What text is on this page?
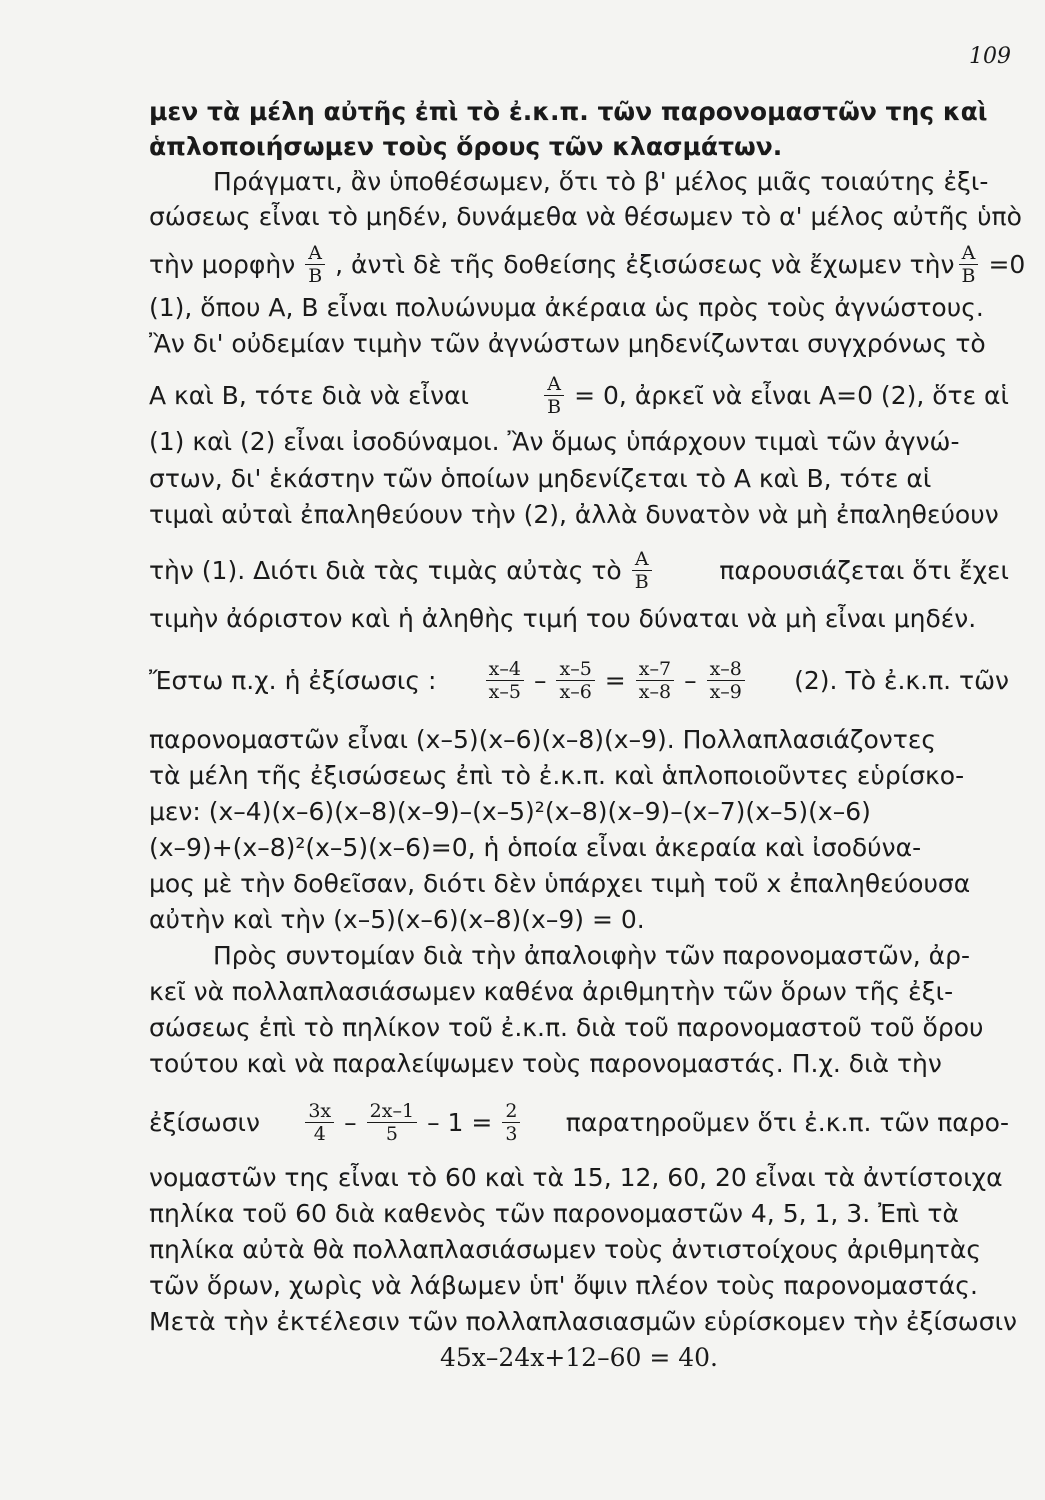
109
μεν τὰ μέλη αὐτῆς ἐπὶ τὸ ἐ.κ.π. τῶν παρονομαστῶν της καὶ
ἁπλοποιήσωμεν τοὺς ὅρους τῶν κλασμάτων.
Πράγματι, ἂν ὑποθέσωμεν, ὅτι τὸ β' μέλος μιᾶς τοιαύτης ἐξι-
σώσεως εἶναι τὸ μηδέν, δυνάμεθα νὰ θέσωμεν τὸ α' μέλος αὐτῆς ὑπὸ
τὴν μορφὴν $\frac{A}{B}$ , ἀντὶ δὲ τῆς δοθείσης ἐξισώσεως νὰ ἔχωμεν τὴν $\frac{A}{B} =0$
(1), ὅπου Α, Β εἶναι πολυώνυμα ἀκέραια ὡς πρὸς τοὺς ἀγνώστους.
Ἂν δι' οὐδεμίαν τιμὴν τῶν ἀγνώστων μηδενίζωνται συγχρόνως τὸ
Α καὶ Β, τότε διὰ νὰ εἶναι	$\frac{A}{B} = 0$, ἀρκεῖ νὰ εἶναι Α=0 (2), ὅτε αἱ
(1) καὶ (2) εἶναι ἰσοδύναμοι. Ἂν ὅμως ὑπάρχουν τιμαὶ τῶν ἀγνώ-
στων, δι' ἑκάστην τῶν ὁποίων μηδενίζεται τὸ Α καὶ Β, τότε αἱ
τιμαὶ αὐταὶ ἐπαληθεύουν τὴν (2), ἀλλὰ δυνατὸν νὰ μὴ ἐπαληθεύουν
τὴν (1). Διότι διὰ τὰς τιμὰς αὐτὰς τὸ $\frac{A}{B}$	παρουσιάζεται ὅτι ἔχει
τιμὴν ἀόριστον καὶ ἡ ἀληθὴς τιμή του δύναται νὰ μὴ εἶναι μηδέν.
Ἔστω π.χ. ἡ ἐξίσωσις :	$\frac{x-4}{x-5} - \frac{x-5}{x-6} = \frac{x-7}{x-8} - \frac{x-8}{x-9} (2)$. Τὸ ἐ.κ.π. τῶν
παρονομαστῶν εἶναι (x–5)(x–6)(x–8)(x–9). Πολλαπλασιάζοντες
τὰ μέλη τῆς ἐξισώσεως ἐπὶ τὸ ἐ.κ.π. καὶ ἁπλοποιοῦντες εὑρίσκο-
μεν: (x–4)(x–6)(x–8)(x–9)–(x–5)²(x–8)(x–9)–(x–7)(x–5)(x–6)
(x–9)+(x–8)²(x–5)(x–6)=0, ἡ ὁποία εἶναι ἀκεραία καὶ ἰσοδύνα-
μος μὲ τὴν δοθεῖσαν, διότι δὲν ὑπάρχει τιμὴ τοῦ x ἐπαληθεύουσα
αὐτὴν καὶ τὴν (x–5)(x–6)(x–8)(x–9) = 0.
Πρὸς συντομίαν διὰ τὴν ἀπαλοιφὴν τῶν παρονομαστῶν, ἀρ-
κεῖ νὰ πολλαπλασιάσωμεν καθένα ἀριθμητὴν τῶν ὅρων τῆς ἐξι-
σώσεως ἐπὶ τὸ πηλίκον τοῦ ἐ.κ.π. διὰ τοῦ παρονομαστοῦ τοῦ ὅρου
τούτου καὶ νὰ παραλείψωμεν τοὺς παρονομαστάς. Π.χ. διὰ τὴν
ἐξίσωσιν $\frac{3x}{4} - \frac{2x-1}{5} - 1 = \frac{2}{3}$ παρατηροῦμεν ὅτι ἐ.κ.π. τῶν παρο-
νομαστῶν της εἶναι τὸ 60 καὶ τὰ 15, 12, 60, 20 εἶναι τὰ ἀντίστοιχα
πηλίκα τοῦ 60 διὰ καθενὸς τῶν παρονομαστῶν 4, 5, 1, 3. Ἐπὶ τὰ
πηλίκα αὐτὰ θὰ πολλαπλασιάσωμεν τοὺς ἀντιστοίχους ἀριθμητὰς
τῶν ὅρων, χωρὶς νὰ λάβωμεν ὑπ' ὄψιν πλέον τοὺς παρονομαστάς.
Μετὰ τὴν ἐκτέλεσιν τῶν πολλαπλασιασμῶν εὑρίσκομεν τὴν ἐξίσωσιν
45x–24x+12–60 = 40.
